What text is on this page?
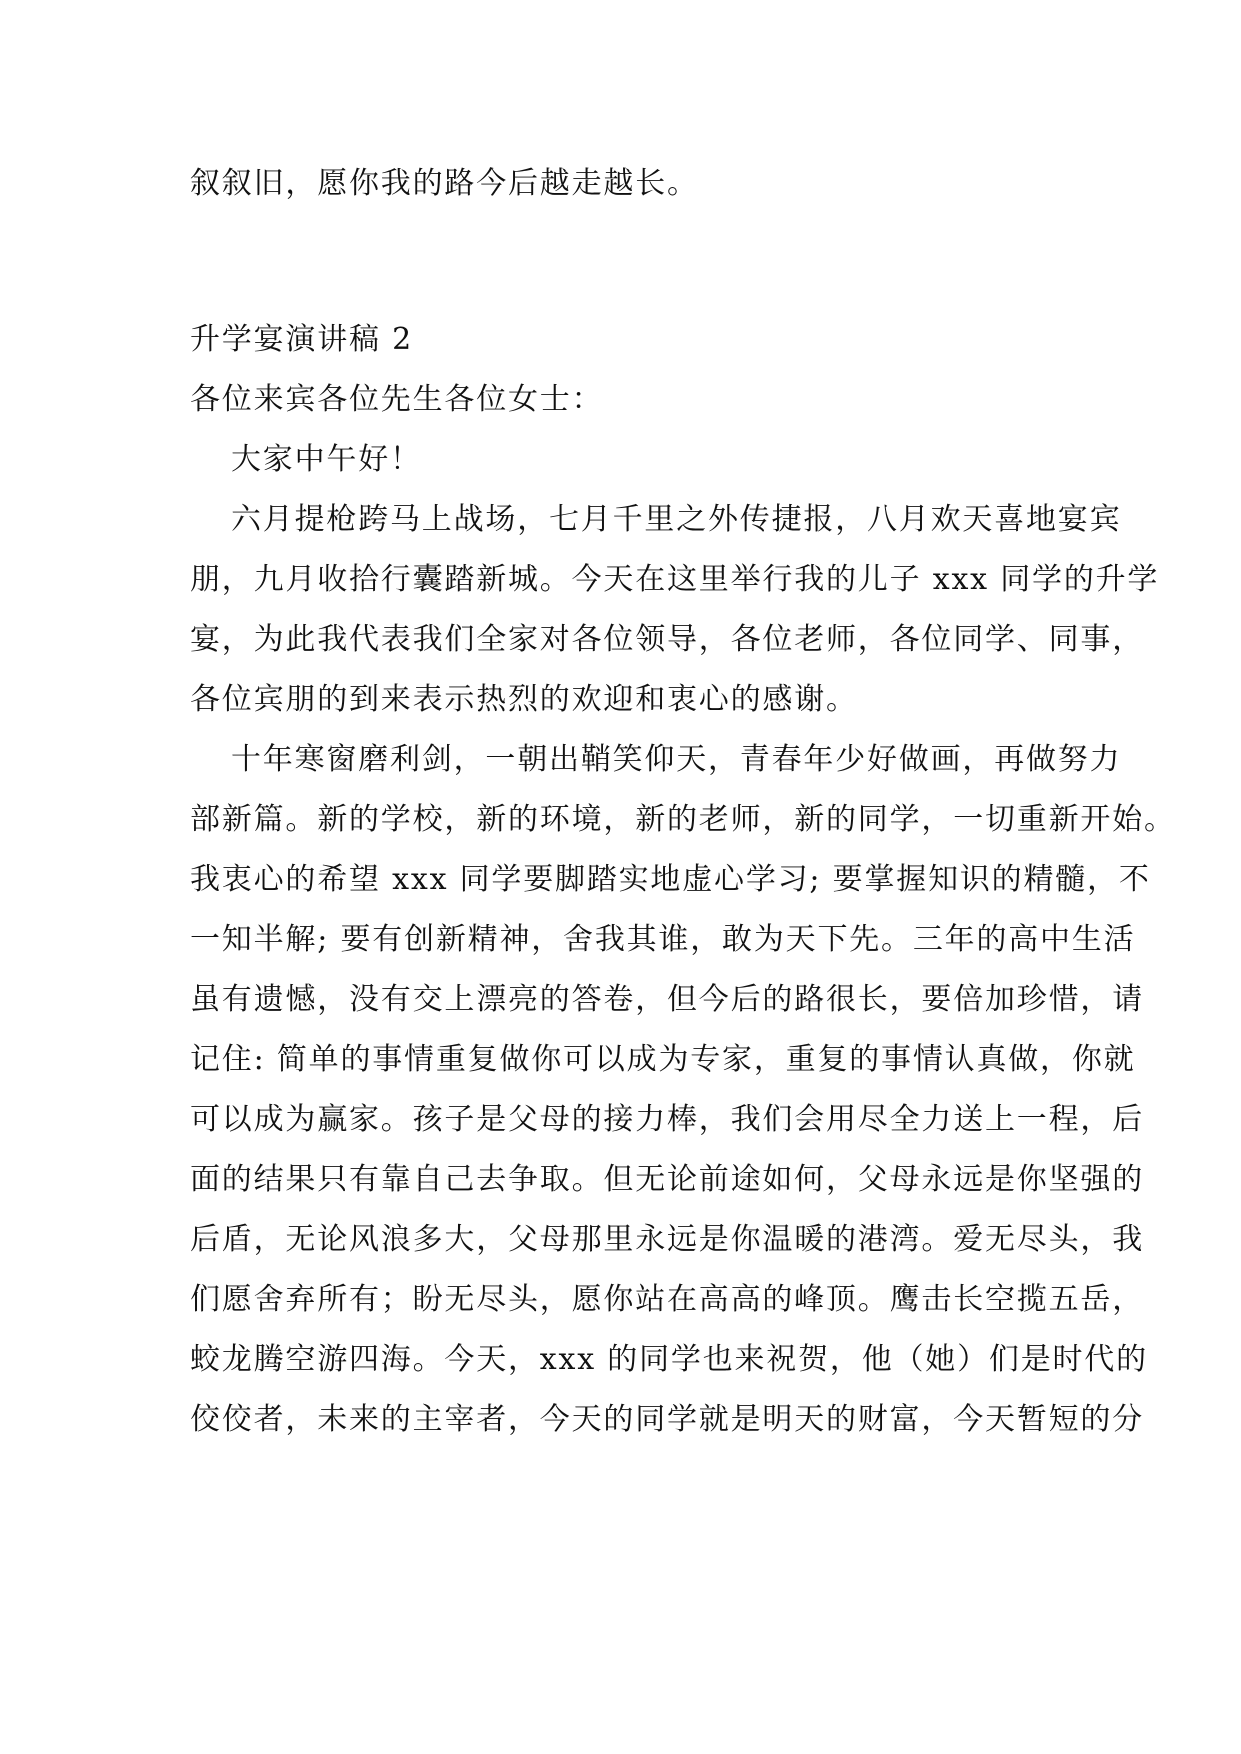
叙叙旧，愿你我的路今后越走越长。

升学宴演讲稿 2

各位来宾各位先生各位女士：

大家中午好！

六月提枪跨马上战场，七月千里之外传捷报，八月欢天喜地宴宾

朋，九月收拾行囊踏新城。今天在这里举行我的儿子 xxx 同学的升学

宴，为此我代表我们全家对各位领导，各位老师，各位同学、同事，

各位宾朋的到来表示热烈的欢迎和衷心的感谢。

十年寒窗磨利剑，一朝出鞘笑仰天，青春年少好做画，再做努力

部新篇。新的学校，新的环境，新的老师，新的同学，一切重新开始。

我衷心的希望 xxx 同学要脚踏实地虚心学习; 要掌握知识的精髓，不

一知半解; 要有创新精神，舍我其谁，敢为天下先。三年的高中生活

虽有遗憾，没有交上漂亮的答卷，但今后的路很长，要倍加珍惜，请

记住: 简单的事情重复做你可以成为专家，重复的事情认真做，你就

可以成为赢家。孩子是父母的接力棒，我们会用尽全力送上一程，后

面的结果只有靠自己去争取。但无论前途如何，父母永远是你坚强的

后盾，无论风浪多大，父母那里永远是你温暖的港湾。爱无尽头，我

们愿舍弃所有；盼无尽头，愿你站在高高的峰顶。鹰击长空揽五岳，

蛟龙腾空游四海。今天，xxx 的同学也来祝贺，他（她）们是时代的

佼佼者，未来的主宰者，今天的同学就是明天的财富，今天暂短的分
